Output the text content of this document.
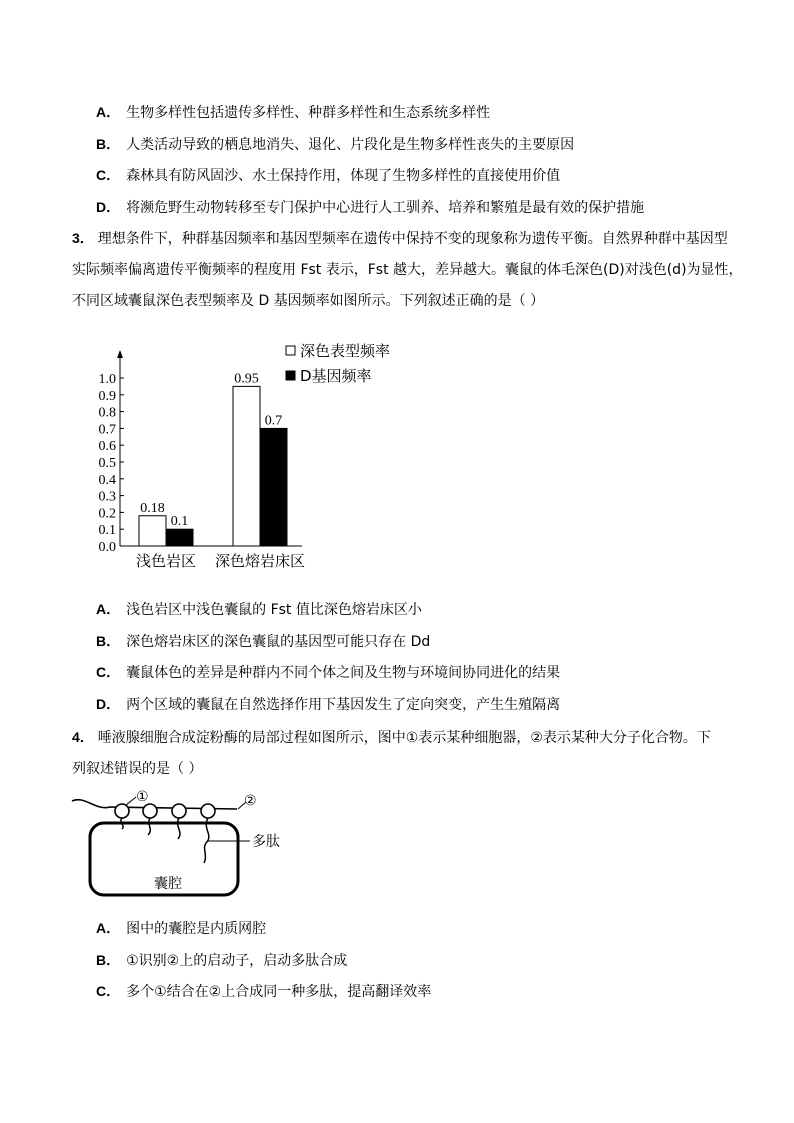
A． 生物多样性包括遗传多样性、种群多样性和生态系统多样性
B． 人类活动导致的栖息地消失、退化、片段化是生物多样性丧失的主要原因
C． 森林具有防风固沙、水土保持作用，体现了生物多样性的直接使用价值
D． 将濒危野生动物转移至专门保护中心进行人工驯养、培养和繁殖是最有效的保护措施
3． 理想条件下，种群基因频率和基因型频率在遗传中保持不变的现象称为遗传平衡。自然界种群中基因型
实际频率偏离遗传平衡频率的程度用 Fst 表示，Fst 越大，差异越大。囊鼠的体毛深色(D)对浅色(d)为显性，
不同区域囊鼠深色表型频率及 D 基因频率如图所示。下列叙述正确的是（ ）
0.0
0.1
0.2
0.3
0.4
0.5
0.6
0.7
0.8
0.9
1.0
0.18
0.1
浅色岩区
0.95
0.7
深色熔岩床区
深色表型频率
D基因频率
A． 浅色岩区中浅色囊鼠的 Fst 值比深色熔岩床区小
B． 深色熔岩床区的深色囊鼠的基因型可能只存在 Dd
C． 囊鼠体色的差异是种群内不同个体之间及生物与环境间协同进化的结果
D． 两个区域的囊鼠在自然选择作用下基因发生了定向突变，产生生殖隔离
4． 唾液腺细胞合成淀粉酶的局部过程如图所示，图中①表示某种细胞器，②表示某种大分子化合物。下
列叙述错误的是（ ）
①	②
多肽
囊腔
A． 图中的囊腔是内质网腔
B． ①识别②上的启动子，启动多肽合成
C． 多个①结合在②上合成同一种多肽，提高翻译效率
